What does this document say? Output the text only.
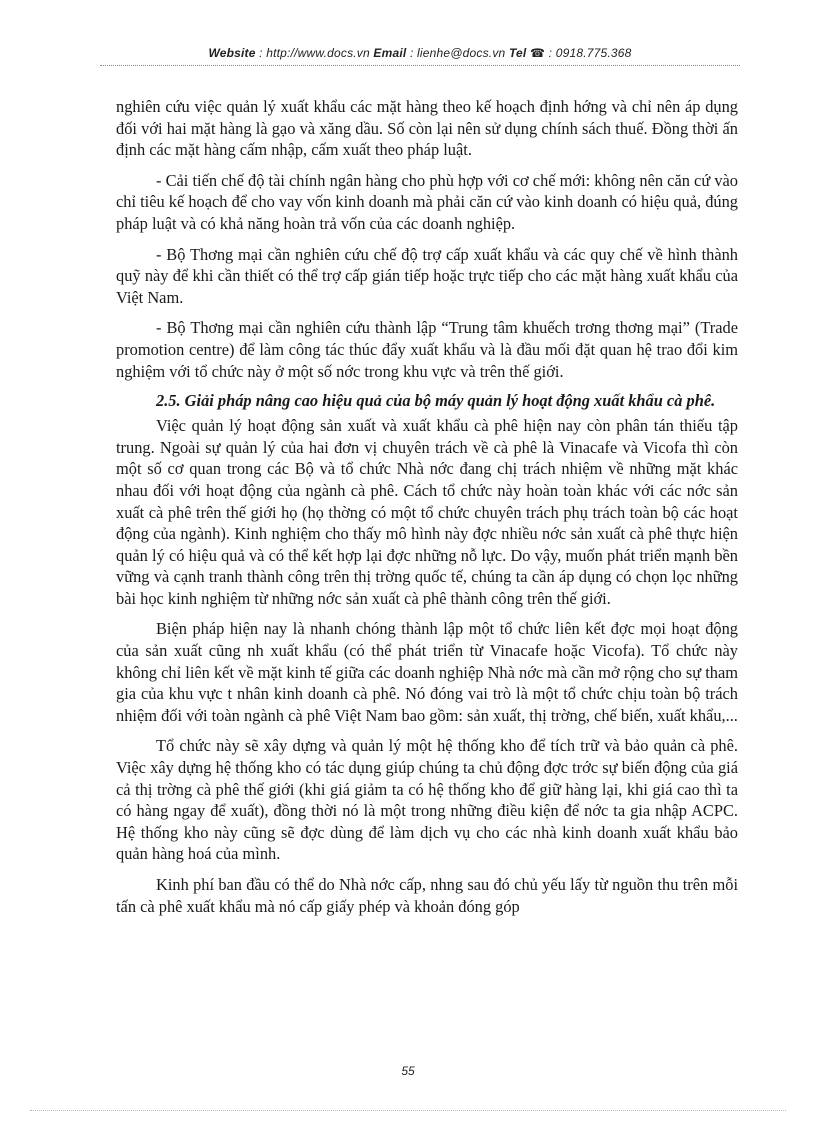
Website : http://www.docs.vn Email : lienhe@docs.vn Tel ☎ : 0918.775.368

nghiên cứu việc quản lý xuất khẩu các mặt hàng theo kế hoạch định hớng và chỉ nên áp dụng đối với hai mặt hàng là gạo và xăng dầu. Số còn lại nên sử dụng chính sách thuế. Đồng thời ấn định các mặt hàng cấm nhập, cấm xuất theo pháp luật.

- Cải tiến chế độ tài chính ngân hàng cho phù hợp với cơ chế mới: không nên căn cứ vào chỉ tiêu kế hoạch để cho vay vốn kinh doanh mà phải căn cứ vào kinh doanh có hiệu quả, đúng pháp luật và có khả năng hoàn trả vốn của các doanh nghiệp.

- Bộ Thơng mại cần nghiên cứu chế độ trợ cấp xuất khẩu và các quy chế về hình thành quỹ này để khi cần thiết có thể trợ cấp gián tiếp hoặc trực tiếp cho các mặt hàng xuất khẩu của Việt Nam.

- Bộ Thơng mại cần nghiên cứu thành lập “Trung tâm khuếch trơng thơng mại” (Trade promotion centre) để làm công tác thúc đẩy xuất khẩu và là đầu mối đặt quan hệ trao đổi kim nghiệm với tổ chức này ở một số nớc trong khu vực và trên thế giới.

2.5. Giải pháp nâng cao hiệu quả của bộ máy quản lý hoạt động xuất khẩu cà phê.

Việc quản lý hoạt động sản xuất và xuất khẩu cà phê hiện nay còn phân tán thiếu tập trung. Ngoài sự quản lý của hai đơn vị chuyên trách về cà phê là Vinacafe và Vicofa thì còn một số cơ quan trong các Bộ và tổ chức Nhà nớc đang chị trách nhiệm về những mặt khác nhau đối với hoạt động của ngành cà phê. Cách tổ chức này hoàn toàn khác với các nớc sản xuất cà phê trên thế giới họ (họ thờng có một tổ chức chuyên trách phụ trách toàn bộ các hoạt động của ngành). Kinh nghiệm cho thấy mô hình này đợc nhiều nớc sản xuất cà phê thực hiện quản lý có hiệu quả và có thể kết hợp lại đợc những nỗ lực. Do vậy, muốn phát triển mạnh bền vững và cạnh tranh thành công trên thị trờng quốc tế, chúng ta cần áp dụng có chọn lọc những bài học kinh nghiệm từ những nớc sản xuất cà phê thành công trên thế giới.

Biện pháp hiện nay là nhanh chóng thành lập một tổ chức liên kết đợc mọi hoạt động của sản xuất cũng nh xuất khẩu (có thể phát triển từ Vinacafe hoặc Vicofa). Tổ chức này không chỉ liên kết về mặt kinh tế giữa các doanh nghiệp Nhà nớc mà cần mở rộng cho sự tham gia của khu vực t nhân kinh doanh cà phê. Nó đóng vai trò là một tổ chức chịu toàn bộ trách nhiệm đối với toàn ngành cà phê Việt Nam bao gồm: sản xuất, thị trờng, chế biến, xuất khẩu,...

Tổ chức này sẽ xây dựng và quản lý một hệ thống kho để tích trữ và bảo quản cà phê. Việc xây dựng hệ thống kho có tác dụng giúp chúng ta chủ động đợc trớc sự biến động của giá cả thị trờng cà phê thế giới (khi giá giảm ta có hệ thống kho để giữ hàng lại, khi giá cao thì ta có hàng ngay để xuất), đồng thời nó là một trong những điều kiện để nớc ta gia nhập ACPC. Hệ thống kho này cũng sẽ đợc dùng để làm dịch vụ cho các nhà kinh doanh xuất khẩu bảo quản hàng hoá của mình.

Kinh phí ban đầu có thể do Nhà nớc cấp, nhng sau đó chủ yếu lấy từ nguồn thu trên mỗi tấn cà phê xuất khẩu mà nó cấp giấy phép và khoản đóng góp

55
